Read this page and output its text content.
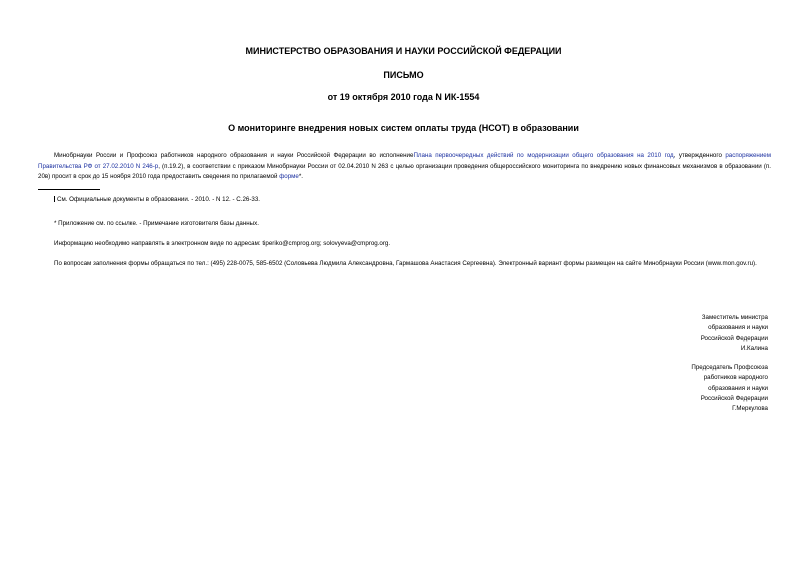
МИНИСТЕРСТВО ОБРАЗОВАНИЯ И НАУКИ РОССИЙСКОЙ ФЕДЕРАЦИИ
ПИСЬМО
от 19 октября 2010 года N ИК-1554
О мониторинге внедрения новых систем оплаты труда (НСОТ) в образовании
Минобрнауки России и Профсоюз работников народного образования и науки Российской Федерации во исполнениеПлана первоочередных действий по модернизации общего образования на 2010 год, утвержденного распоряжением Правительства РФ от 27.02.2010 N 246-р, (п.19.2), в соответствии с приказом Минобрнауки России от 02.04.2010 N 263 с целью организации проведения общероссийского мониторинга по внедрению новых финансовых механизмов в образовании (п. 20в) просит в срок до 15 ноября 2010 года предоставить сведения по прилагаемой форме*.
См. Официальные документы в образовании. - 2010. - N 12. - С.26-33.
* Приложение см. по ссылке. - Примечание изготовителя базы данных.
Информацию необходимо направлять в электронном виде по адресам: tiperiko@cmprog.org; solovyeva@cmprog.org.
По вопросам заполнения формы обращаться по тел.: (495) 228-0075, 585-6502 (Соловьева Людмила Александровна, Гармашова Анастасия Сергеевна). Электронный вариант формы размещен на сайте Минобрнауки России (www.mon.gov.ru).
Заместитель министра
образования и науки
Российской Федерации
И.Калина
Председатель Профсоюза
работников народного
образования и науки
Российской Федерации
Г.Меркулова
